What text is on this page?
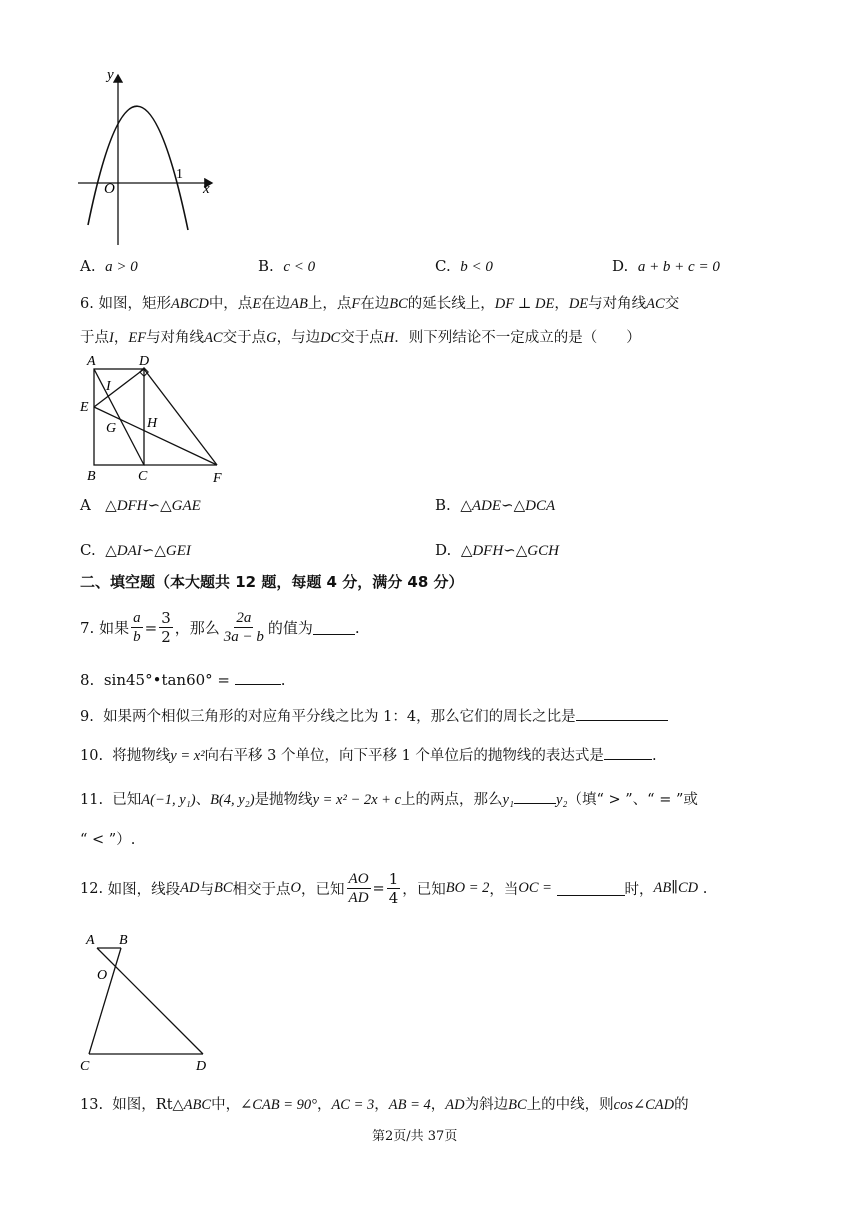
y
x
O
1
A. a > 0	B. c < 0	C. b < 0	D. a + b + c = 0
6. 如图，矩形ABCD中，点E在边AB上，点F在边BC的延长线上，DF ⊥ DE，DE与对角线AC交
于点I，EF与对角线AC交于点G，与边DC交于点H．则下列结论不一定成立的是（　　）
A	D
I
E
H
G
B	C	F
A △DFH∽△GAE	B. △ADE∽△DCA
C. △DAI∽△GEI	D. △DFH∽△GCH
二、填空题（本大题共 12 题，每题 4 分，满分 48 分）
7.
如果 $\frac{a}{b} = \frac{3}{2}$ ，那么 $\frac{2a}{3a - b}$ 的值为	.
8. sin45°•tan60° =	.
9. 如果两个相似三角形的对应角平分线之比为 1：4，那么它们的周长之比是
10. 将抛物线y = x²向右平移 3 个单位，向下平移 1 个单位后的抛物线的表达式是	.
11. 已知A(−1, y₁)、B(4, y₂)是抛物线y = x² − 2x + c上的两点，那么y₁	y₂（填“ > ”、“ = ”或
“ < ”）.
12.
如图，线段 AD 与 BC 相交于点 O ，已知 $\frac{AO}{AD} = \frac{1}{4}$ ，已知 BO = 2 ，当 OC =
	时， AB∥CD
.
A B
O
C	D
13. 如图，Rt△ABC中，∠CAB = 90°，AC = 3，AB = 4，AD为斜边BC上的中线，则cos∠CAD的
第2页/共 37页
